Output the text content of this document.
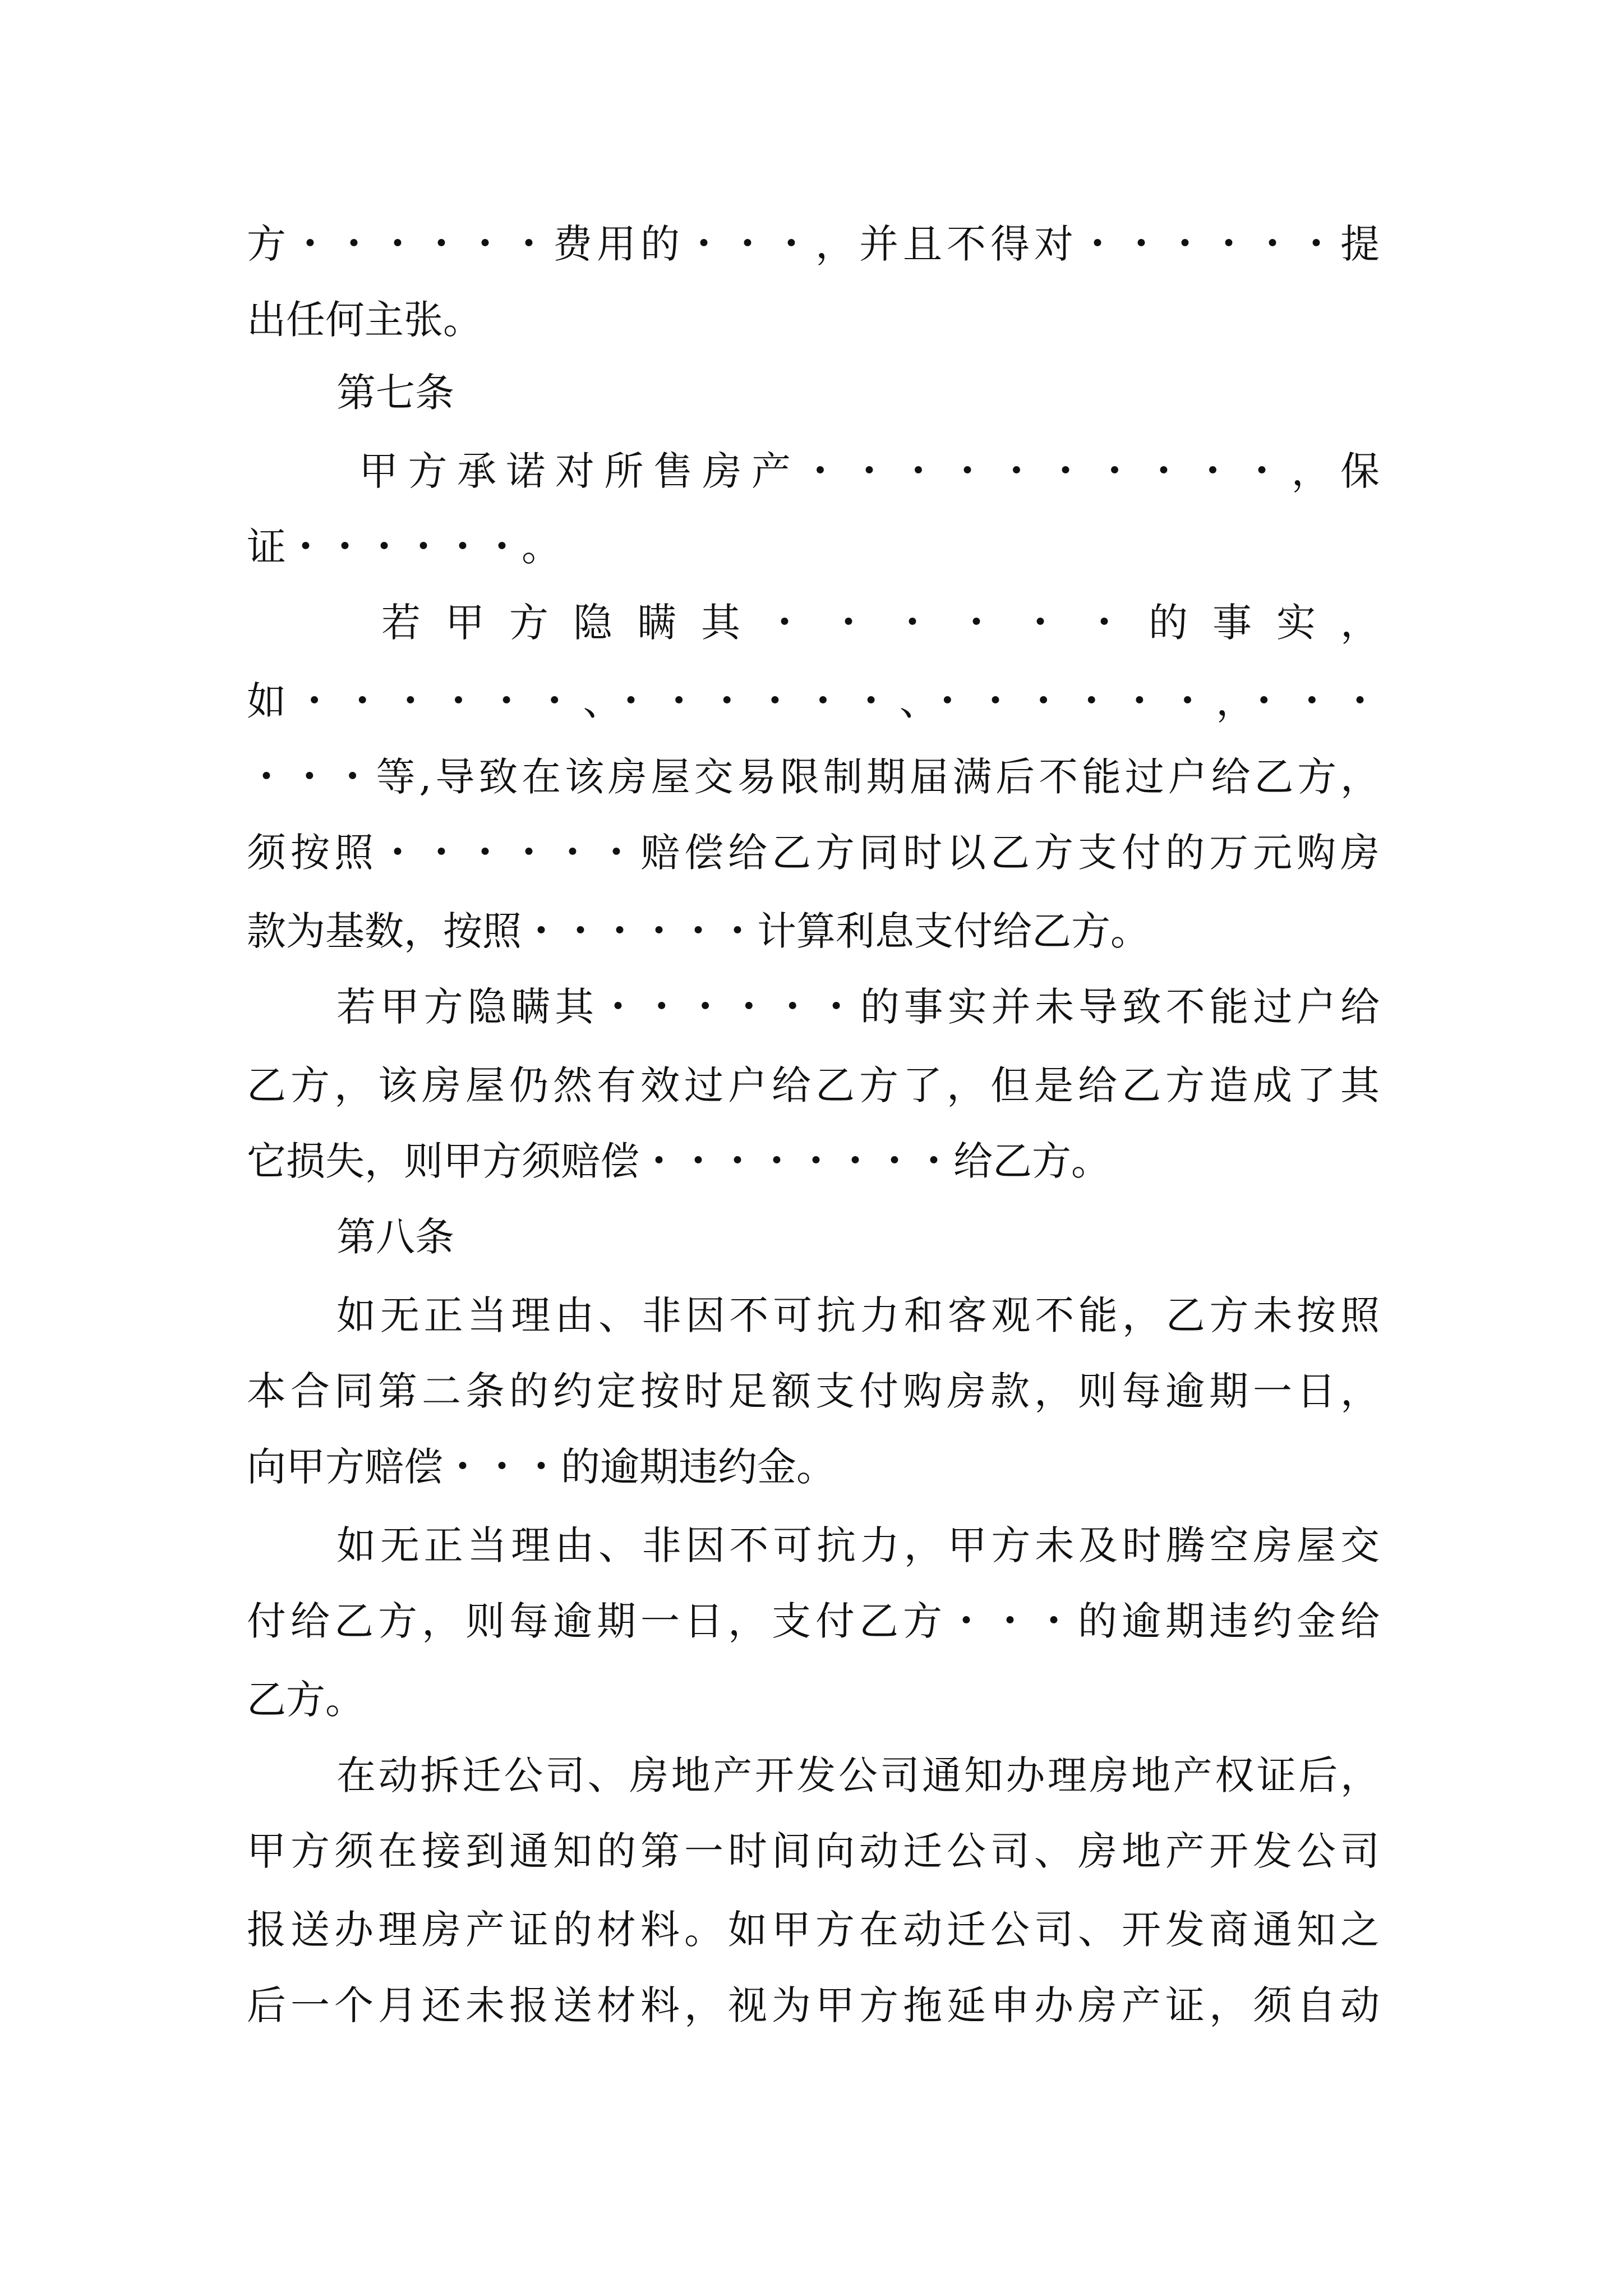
方・・・・・・费用的・・・，并且不得对・・・・・・提
出任何主张。
第七条
甲方承诺对所售房产・・・・・・・・・・，保
证・・・・・・。
若甲方隐瞒其・・・・・・的事实，
如・・・・・・、・・・・・・、・・・・・・，・・・
・・・等,导致在该房屋交易限制期届满后不能过户给乙方，
须按照・・・・・・赔偿给乙方同时以乙方支付的万元购房
款为基数，按照・・・・・・计算利息支付给乙方。
若甲方隐瞒其・・・・・・的事实并未导致不能过户给
乙方，该房屋仍然有效过户给乙方了，但是给乙方造成了其
它损失，则甲方须赔偿・・・・・・・・给乙方。
第八条
如无正当理由、非因不可抗力和客观不能，乙方未按照
本合同第二条的约定按时足额支付购房款，则每逾期一日，
向甲方赔偿・・・的逾期违约金。
如无正当理由、非因不可抗力，甲方未及时腾空房屋交
付给乙方，则每逾期一日，支付乙方・・・的逾期违约金给
乙方。
在动拆迁公司、房地产开发公司通知办理房地产权证后，
甲方须在接到通知的第一时间向动迁公司、房地产开发公司
报送办理房产证的材料。如甲方在动迁公司、开发商通知之
后一个月还未报送材料，视为甲方拖延申办房产证，须自动
